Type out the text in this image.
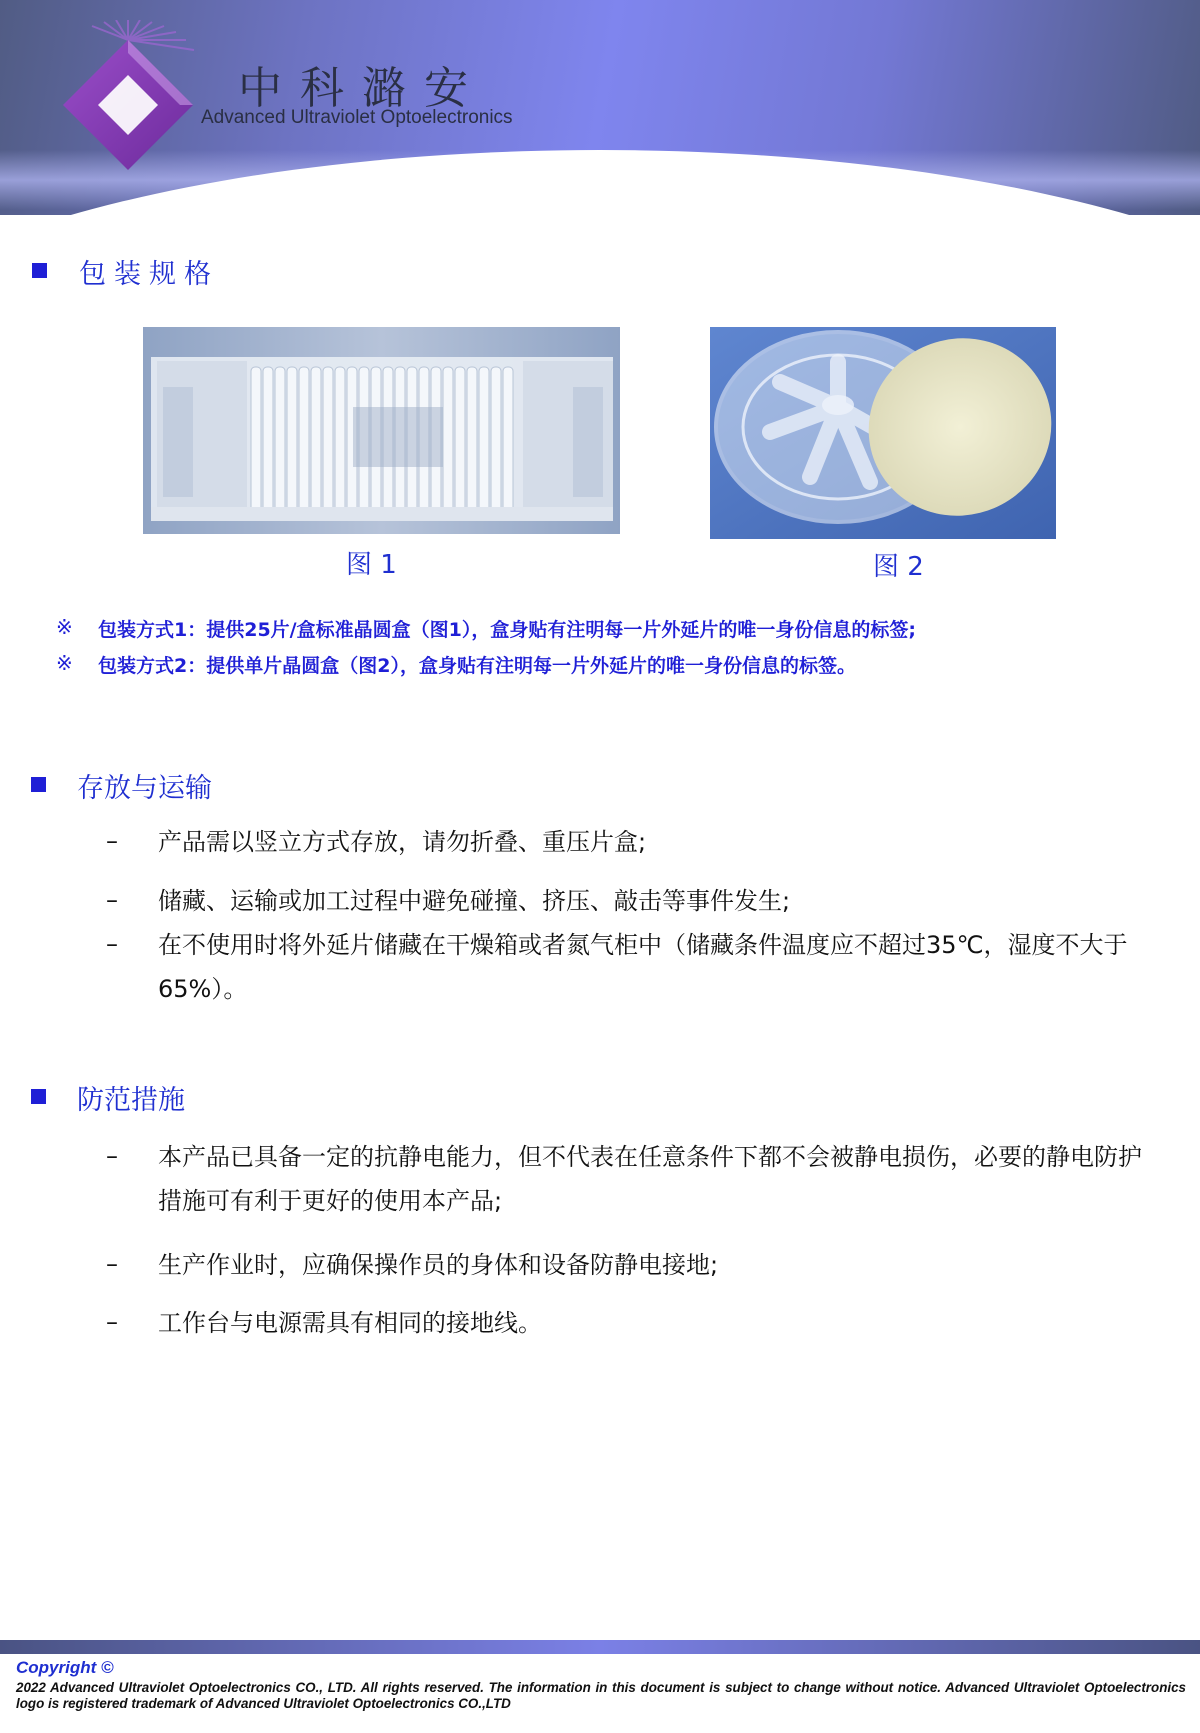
中科潞安
Advanced Ultraviolet Optoelectronics
包装规格
图 1	图 2
※ 包装方式1：提供25片/盒标准晶圆盒（图1），盒身贴有注明每一片外延片的唯一身份信息的标签;
※ 包装方式2：提供单片晶圆盒（图2），盒身贴有注明每一片外延片的唯一身份信息的标签。
存放与运输
– 产品需以竖立方式存放，请勿折叠、重压片盒;
– 储藏、运输或加工过程中避免碰撞、挤压、敲击等事件发生;
– 在不使用时将外延片储藏在干燥箱或者氮气柜中（储藏条件温度应不超过35℃，湿度不大于65%）。
防范措施
– 本产品已具备一定的抗静电能力，但不代表在任意条件下都不会被静电损伤，必要的静电防护措施可有利于更好的使用本产品;
– 生产作业时，应确保操作员的身体和设备防静电接地;
– 工作台与电源需具有相同的接地线。
Copyright ©
2022 Advanced Ultraviolet Optoelectronics CO., LTD. All rights reserved. The information in this document is subject to change without notice. Advanced Ultraviolet Optoelectronics logo is registered trademark of Advanced Ultraviolet Optoelectronics CO.,LTD
